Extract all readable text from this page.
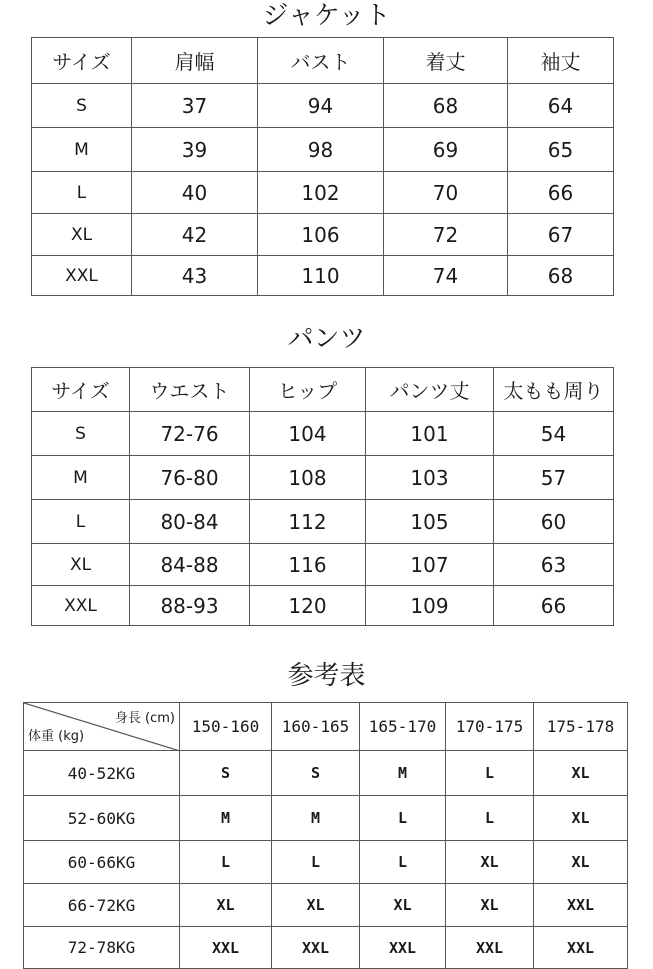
ジャケット
サイズ	肩幅	バスト	着丈	袖丈
S	37	94	68	64
M	39	98	69	65
L	40	102	70	66
XL	42	106	72	67
XXL	43	110	74	68
パンツ
サイズ	ウエスト	ヒップ	パンツ丈	太もも周り
S	72-76	104	101	54
M	76-80	108	103	57
L	80-84	112	105	60
XL	84-88	116	107	63
XXL	88-93	120	109	66
参考表
身長 (cm)
体重 (kg)	150-160	160-165	165-170	170-175	175-178
40-52KG	S	S	M	L	XL
52-60KG	M	M	L	L	XL
60-66KG	L	L	L	XL	XL
66-72KG	XL	XL	XL	XL	XXL
72-78KG	XXL	XXL	XXL	XXL	XXL
